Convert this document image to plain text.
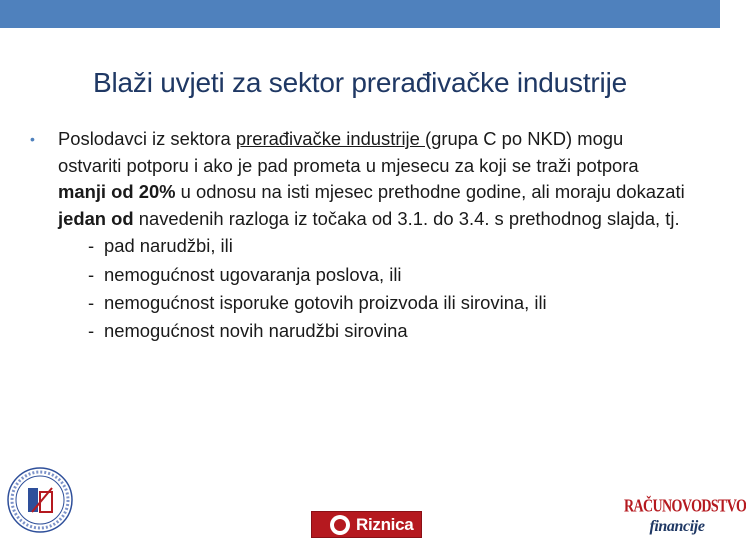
Blaži uvjeti za sektor prerađivačke industrije
•	Poslodavci iz sektora prerađivačke industrije (grupa C po NKD) mogu ostvariti potporu i ako je pad prometa u mjesecu za koji se traži potpora manji od 20% u odnosu na isti mjesec prethodne godine, ali moraju dokazati jedan od navedenih razloga iz točaka od 3.1. do 3.4. s prethodnog slajda, tj.
- pad narudžbi, ili
- nemogućnost ugovaranja poslova, ili
- nemogućnost isporuke gotovih proizvoda ili sirovina, ili
- nemogućnost novih narudžbi sirovina
Riznica
RAČUNOVODSTVO
financije
